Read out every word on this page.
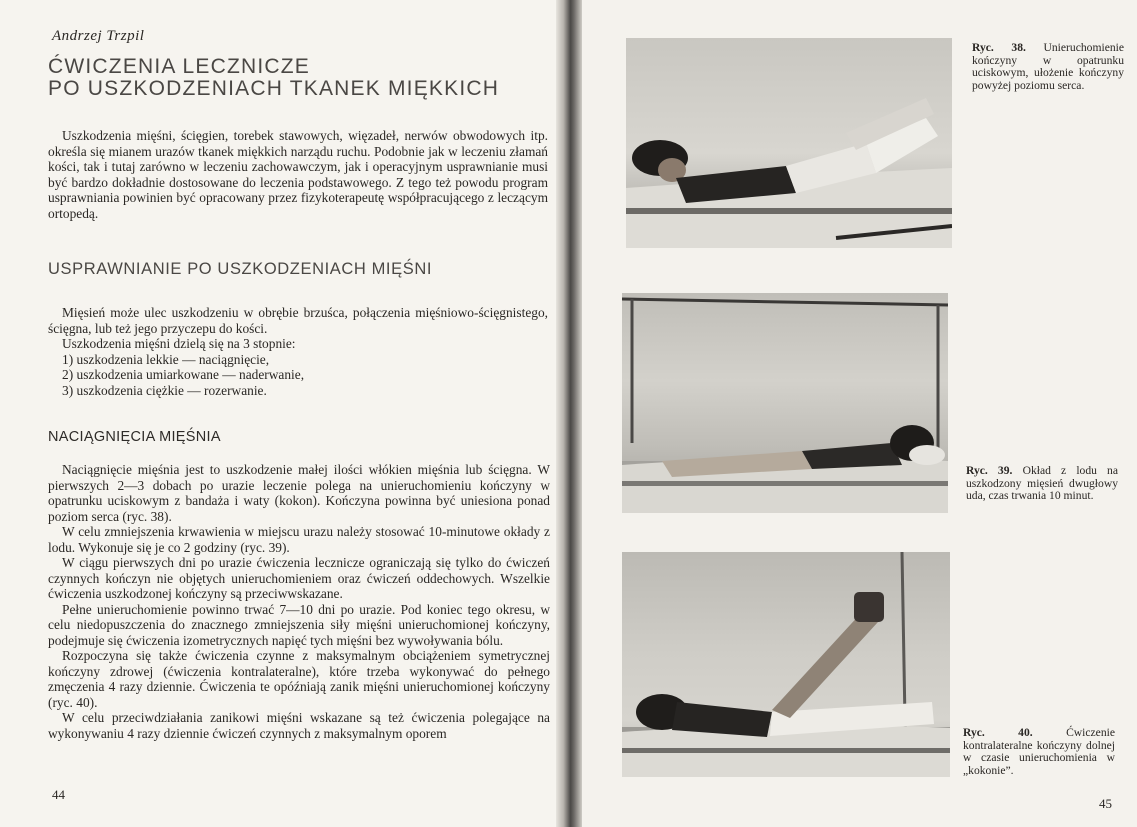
Andrzej Trzpil
ĆWICZENIA LECZNICZE
PO USZKODZENIACH TKANEK MIĘKKICH

Uszkodzenia mięśni, ścięgien, torebek stawowych, więzadeł, nerwów obwodowych itp. określa się mianem urazów tkanek miękkich narządu ruchu. Podobnie jak w leczeniu złamań kości, tak i tutaj zarówno w leczeniu zachowawczym, jak i operacyjnym usprawnianie musi być bardzo dokładnie dostosowane do leczenia podstawowego. Z tego też powodu program usprawniania powinien być opracowany przez fizykoterapeutę współpracującego z leczącym ortopedą.

USPRAWNIANIE PO USZKODZENIACH MIĘŚNI

Mięsień może ulec uszkodzeniu w obrębie brzuśca, połączenia mięśniowo-ścięgnistego, ścięgna, lub też jego przyczepu do kości.

Uszkodzenia mięśni dzielą się na 3 stopnie:

1) uszkodzenia lekkie — naciągnięcie,
2) uszkodzenia umiarkowane — naderwanie,
3) uszkodzenia ciężkie — rozerwanie.
NACIĄGNIĘCIA MIĘŚNIA

Naciągnięcie mięśnia jest to uszkodzenie małej ilości włókien mięśnia lub ścięgna. W pierwszych 2—3 dobach po urazie leczenie polega na unieruchomieniu kończyny w opatrunku uciskowym z bandaża i waty (kokon). Kończyna powinna być uniesiona ponad poziom serca (ryc. 38).

W celu zmniejszenia krwawienia w miejscu urazu należy stosować 10-minutowe okłady z lodu. Wykonuje się je co 2 godziny (ryc. 39).

W ciągu pierwszych dni po urazie ćwiczenia lecznicze ograniczają się tylko do ćwiczeń czynnych kończyn nie objętych unieruchomieniem oraz ćwiczeń oddechowych. Wszelkie ćwiczenia uszkodzonej kończyny są przeciwwskazane.

Pełne unieruchomienie powinno trwać 7—10 dni po urazie. Pod koniec tego okresu, w celu niedopuszczenia do znacznego zmniejszenia siły mięśni unieruchomionej kończyny, podejmuje się ćwiczenia izometrycznych napięć tych mięśni bez wywoływania bólu.

Rozpoczyna się także ćwiczenia czynne z maksymalnym obciążeniem symetrycznej kończyny zdrowej (ćwiczenia kontralateralne), które trzeba wykonywać do pełnego zmęczenia 4 razy dziennie. Ćwiczenia te opóźniają zanik mięśni unieruchomionej kończyny (ryc. 40).

W celu przeciwdziałania zanikowi mięśni wskazane są też ćwiczenia polegające na wykonywaniu 4 razy dziennie ćwiczeń czynnych z maksymalnym oporem

44
Ryc. 38. Unieruchomienie kończyny w opatrunku uciskowym, ułożenie kończyny powyżej poziomu serca.
Ryc. 39. Okład z lodu na uszkodzony mięsień dwugłowy uda, czas trwania 10 minut.
Ryc. 40.	Ćwiczenie kontralateralne kończyny dolnej w czasie unieruchomienia w „kokonie”.
45
